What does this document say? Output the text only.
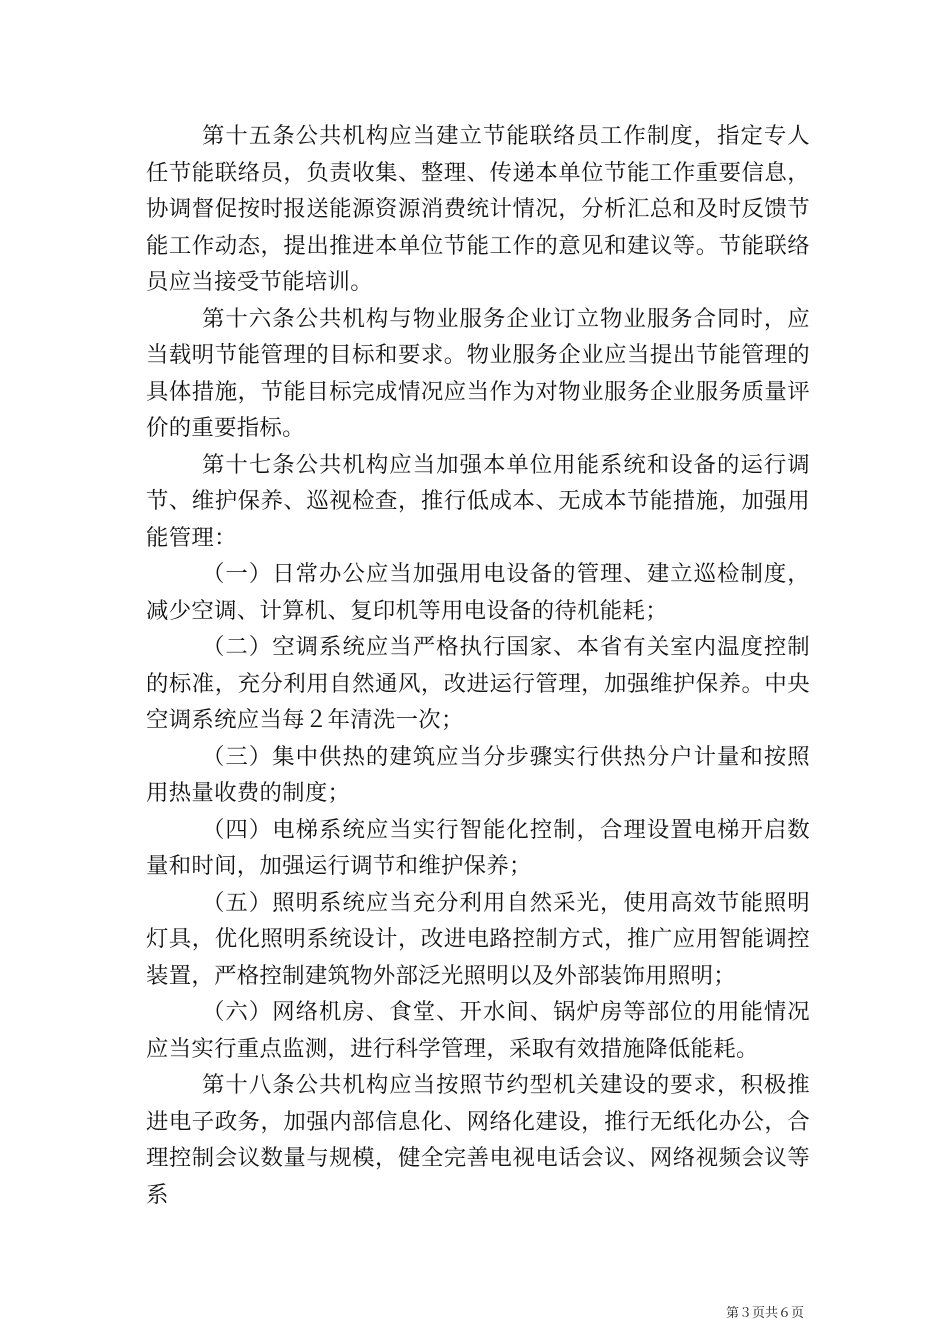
第十五条公共机构应当建立节能联络员工作制度，指定专人任节能联络员，负责收集、整理、传递本单位节能工作重要信息，协调督促按时报送能源资源消费统计情况，分析汇总和及时反馈节能工作动态，提出推进本单位节能工作的意见和建议等。节能联络员应当接受节能培训。

第十六条公共机构与物业服务企业订立物业服务合同时，应当载明节能管理的目标和要求。物业服务企业应当提出节能管理的具体措施，节能目标完成情况应当作为对物业服务企业服务质量评价的重要指标。

第十七条公共机构应当加强本单位用能系统和设备的运行调节、维护保养、巡视检查，推行低成本、无成本节能措施，加强用能管理：

（一）日常办公应当加强用电设备的管理、建立巡检制度，减少空调、计算机、复印机等用电设备的待机能耗；

（二）空调系统应当严格执行国家、本省有关室内温度控制的标准，充分利用自然通风，改进运行管理，加强维护保养。中央空调系统应当每２年清洗一次；

（三）集中供热的建筑应当分步骤实行供热分户计量和按照用热量收费的制度；

（四）电梯系统应当实行智能化控制，合理设置电梯开启数量和时间，加强运行调节和维护保养；

（五）照明系统应当充分利用自然采光，使用高效节能照明灯具，优化照明系统设计，改进电路控制方式，推广应用智能调控装置，严格控制建筑物外部泛光照明以及外部装饰用照明；

（六）网络机房、食堂、开水间、锅炉房等部位的用能情况应当实行重点监测，进行科学管理，采取有效措施降低能耗。

第十八条公共机构应当按照节约型机关建设的要求，积极推进电子政务，加强内部信息化、网络化建设，推行无纸化办公，合理控制会议数量与规模，健全完善电视电话会议、网络视频会议等系

第３页共６页
